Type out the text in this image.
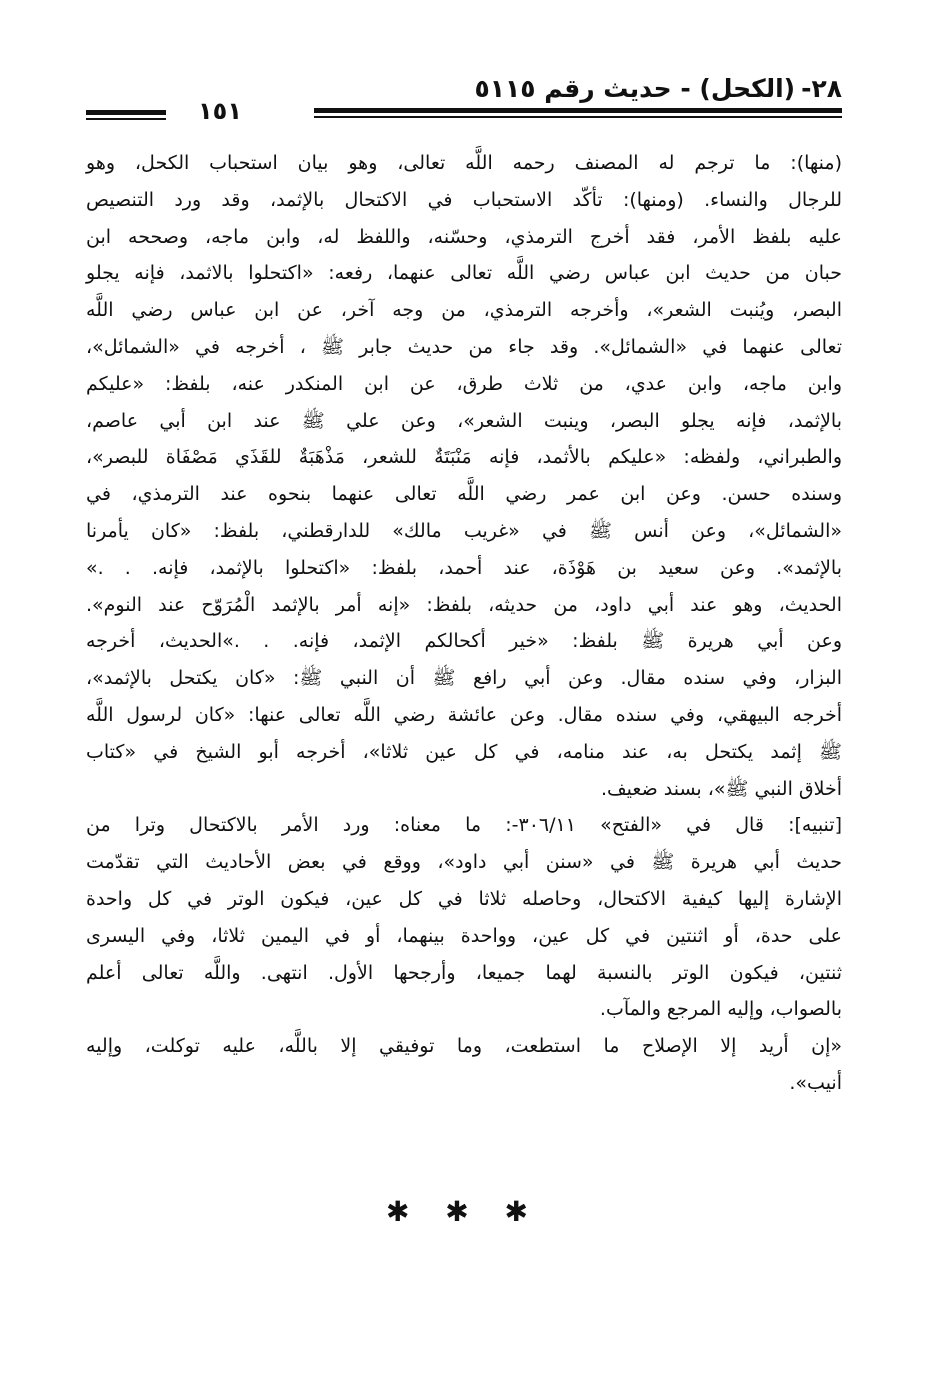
٢٨-(الكحل) - حديث رقم ٥١١٥
١٥١
(منها): ما ترجم له المصنف رحمه اللَّه تعالى، وهو بيان استحباب الكحل، وهو
للرجال والنساء. (ومنها): تأكّد الاستحباب في الاكتحال بالإثمد، وقد ورد التنصيص
عليه بلفظ الأمر، فقد أخرج الترمذي، وحسّنه، واللفظ له، وابن ماجه، وصححه ابن
حبان من حديث ابن عباس رضي اللَّه تعالى عنهما، رفعه: «اكتحلوا بالاثمد، فإنه يجلو
البصر، ويُنبت الشعر»، وأخرجه الترمذي، من وجه آخر، عن ابن عباس رضي اللَّه
تعالى عنهما في «الشمائل». وقد جاء من حديث جابر ﷺ ، أخرجه في «الشمائل»،
وابن ماجه، وابن عدي، من ثلاث طرق، عن ابن المنكدر عنه، بلفظ: «عليكم
بالإثمد، فإنه يجلو البصر، وينبت الشعر»، وعن علي ﷺ عند ابن أبي عاصم،
والطبراني، ولفظه: «عليكم بالأثمد، فإنه مَنْبَتَةٌ للشعر، مَذْهَبَةٌ للقَذَي مَصْفَاة للبصر»،
وسنده حسن. وعن ابن عمر رضي اللَّه تعالى عنهما بنحوه عند الترمذي، في
«الشمائل»، وعن أنس ﷺ في «غريب مالك» للدارقطني، بلفظ: «كان يأمرنا
بالإثمد». وعن سعيد بن هَوْذَة، عند أحمد، بلفظ: «اكتحلوا بالإثمد، فإنه. . .»
الحديث، وهو عند أبي داود، من حديثه، بلفظ: «إنه أمر بالإثمد الْمُرَوّح عند النوم».
وعن أبي هريرة ﷺ بلفظ: «خير أكحالكم الإثمد، فإنه. . .»الحديث، أخرجه
البزار، وفي سنده مقال. وعن أبي رافع ﷺ أن النبي ﷺ: «كان يكتحل بالإثمد»،
أخرجه البيهقي، وفي سنده مقال. وعن عائشة رضي اللَّه تعالى عنها: «كان لرسول اللَّه
ﷺ إثمد يكتحل به، عند منامه، في كل عين ثلاثا»، أخرجه أبو الشيخ في «كتاب
أخلاق النبي ﷺ»، بسند ضعيف.
[تنبيه]: قال في «الفتح» ٣٠٦/١١-: ما معناه: ورد الأمر بالاكتحال وترا من
حديث أبي هريرة ﷺ في «سنن أبي داود»، ووقع في بعض الأحاديث التي تقدّمت
الإشارة إليها كيفية الاكتحال، وحاصله ثلاثا في كل عين، فيكون الوتر في كل واحدة
على حدة، أو اثنتين في كل عين، وواحدة بينهما، أو في اليمين ثلاثا، وفي اليسرى
ثنتين، فيكون الوتر بالنسبة لهما جميعا، وأرجحها الأول. انتهى. واللَّه تعالى أعلم
بالصواب، وإليه المرجع والمآب.
«إن أريد إلا الإصلاح ما استطعت، وما توفيقي إلا باللَّه، عليه توكلت، وإليه
أنيب».
✱ ✱ ✱
